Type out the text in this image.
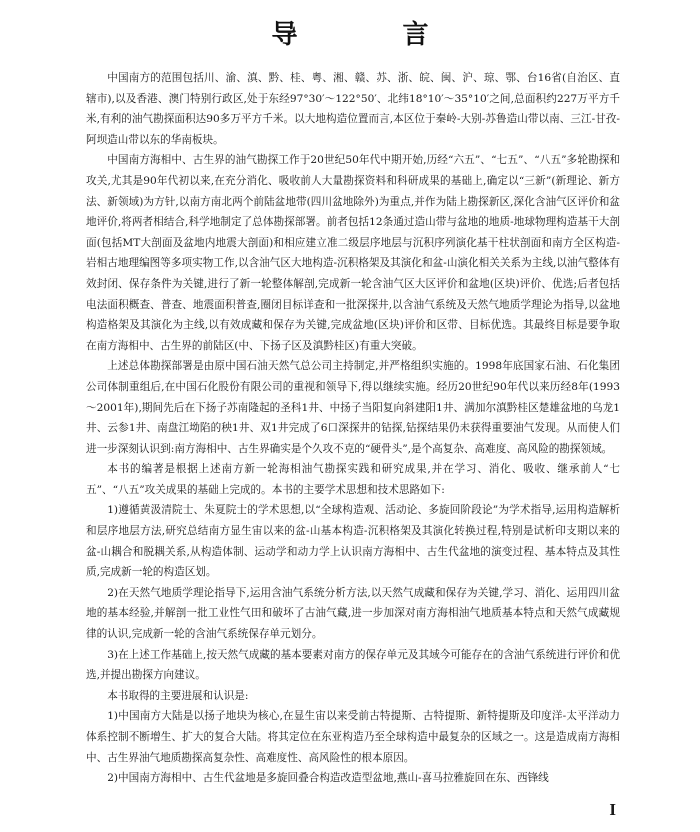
导 言

中国南方的范围包括川、渝、滇、黔、桂、粤、湘、赣、苏、浙、皖、闽、沪、琼、鄂、台16省(自治区、直辖市),以及香港、澳门特别行政区,处于东经97°30′～122°50′、北纬18°10′～35°10′之间,总面积约227万平方千米,有利的油气勘探面积达90多万平方千米。以大地构造位置而言,本区位于秦岭-大别-苏鲁造山带以南、三江-甘孜-阿坝造山带以东的华南板块。

中国南方海相中、古生界的油气勘探工作于20世纪50年代中期开始,历经“六五”、“七五”、“八五”多轮勘探和攻关,尤其是90年代初以来,在充分消化、吸收前人大量勘探资料和科研成果的基础上,确定以“三新”(新理论、新方法、新领域)为方针,以南方南北两个前陆盆地带(四川盆地除外)为重点,并作为陆上勘探新区,深化含油气区评价和盆地评价,将两者相结合,科学地制定了总体勘探部署。前者包括12条通过造山带与盆地的地质-地球物理构造基干大剖面(包括MT大剖面及盆地内地震大剖面)和相应建立准二级层序地层与沉积序列演化基干柱状剖面和南方全区构造-岩相古地理编图等多项实物工作,以含油气区大地构造-沉积格架及其演化和盆-山演化相关关系为主线,以油气整体有效封闭、保存条件为关键,进行了新一轮整体解剖,完成新一轮含油气区大区评价和盆地(区块)评价、优选;后者包括电法面积概查、普查、地震面积普查,圈闭目标详查和一批深探井,以含油气系统及天然气地质学理论为指导,以盆地构造格架及其演化为主线,以有效成藏和保存为关键,完成盆地(区块)评价和区带、目标优选。其最终目标是要争取在南方海相中、古生界的前陆区(中、下扬子区及滇黔桂区)有重大突破。

上述总体勘探部署是由原中国石油天然气总公司主持制定,并严格组织实施的。1998年底国家石油、石化集团公司体制重组后,在中国石化股份有限公司的重视和领导下,得以继续实施。经历20世纪90年代以来历经8年(1993～2001年),期间先后在下扬子苏南隆起的圣科1井、中扬子当阳复向斜建阳1井、满加尔滇黔桂区楚雄盆地的乌龙1井、云参1井、南盘江坳陷的秧1井、双1井完成了6口深探井的钻探,钻探结果仍未获得重要油气发现。从而使人们进一步深刻认识到:南方海相中、古生界确实是个久攻不克的“硬骨头”,是个高复杂、高难度、高风险的勘探领域。

本书的编著是根据上述南方新一轮海相油气勘探实践和研究成果,并在学习、消化、吸收、继承前人“七五”、“八五”攻关成果的基础上完成的。本书的主要学术思想和技术思路如下:

1)遵循黄汲清院士、朱夏院士的学术思想,以“全球构造观、活动论、多旋回阶段论”为学术指导,运用构造解析和层序地层方法,研究总结南方显生宙以来的盆-山基本构造-沉积格架及其演化转换过程,特别是试析印支期以来的盆-山耦合和脱耦关系,从构造体制、运动学和动力学上认识南方海相中、古生代盆地的演变过程、基本特点及其性质,完成新一轮的构造区划。

2)在天然气地质学理论指导下,运用含油气系统分析方法,以天然气成藏和保存为关键,学习、消化、运用四川盆地的基本经验,并解剖一批工业性气田和破坏了古油气藏,进一步加深对南方海相油气地质基本特点和天然气成藏规律的认识,完成新一轮的含油气系统保存单元划分。

3)在上述工作基础上,按天然气成藏的基本要素对南方的保存单元及其域今可能存在的含油气系统进行评价和优选,并提出勘探方向建议。

本书取得的主要进展和认识是:

1)中国南方大陆是以扬子地块为核心,在显生宙以来受前古特提斯、古特提斯、新特提斯及印度洋-太平洋动力体系控制不断增生、扩大的复合大陆。将其定位在东亚构造乃至全球构造中最复杂的区域之一。这是造成南方海相中、古生界油气地质勘探高复杂性、高难度性、高风险性的根本原因。

2)中国南方海相中、古生代盆地是多旋回叠合构造改造型盆地,燕山-喜马拉雅旋回在东、西锋线

I
